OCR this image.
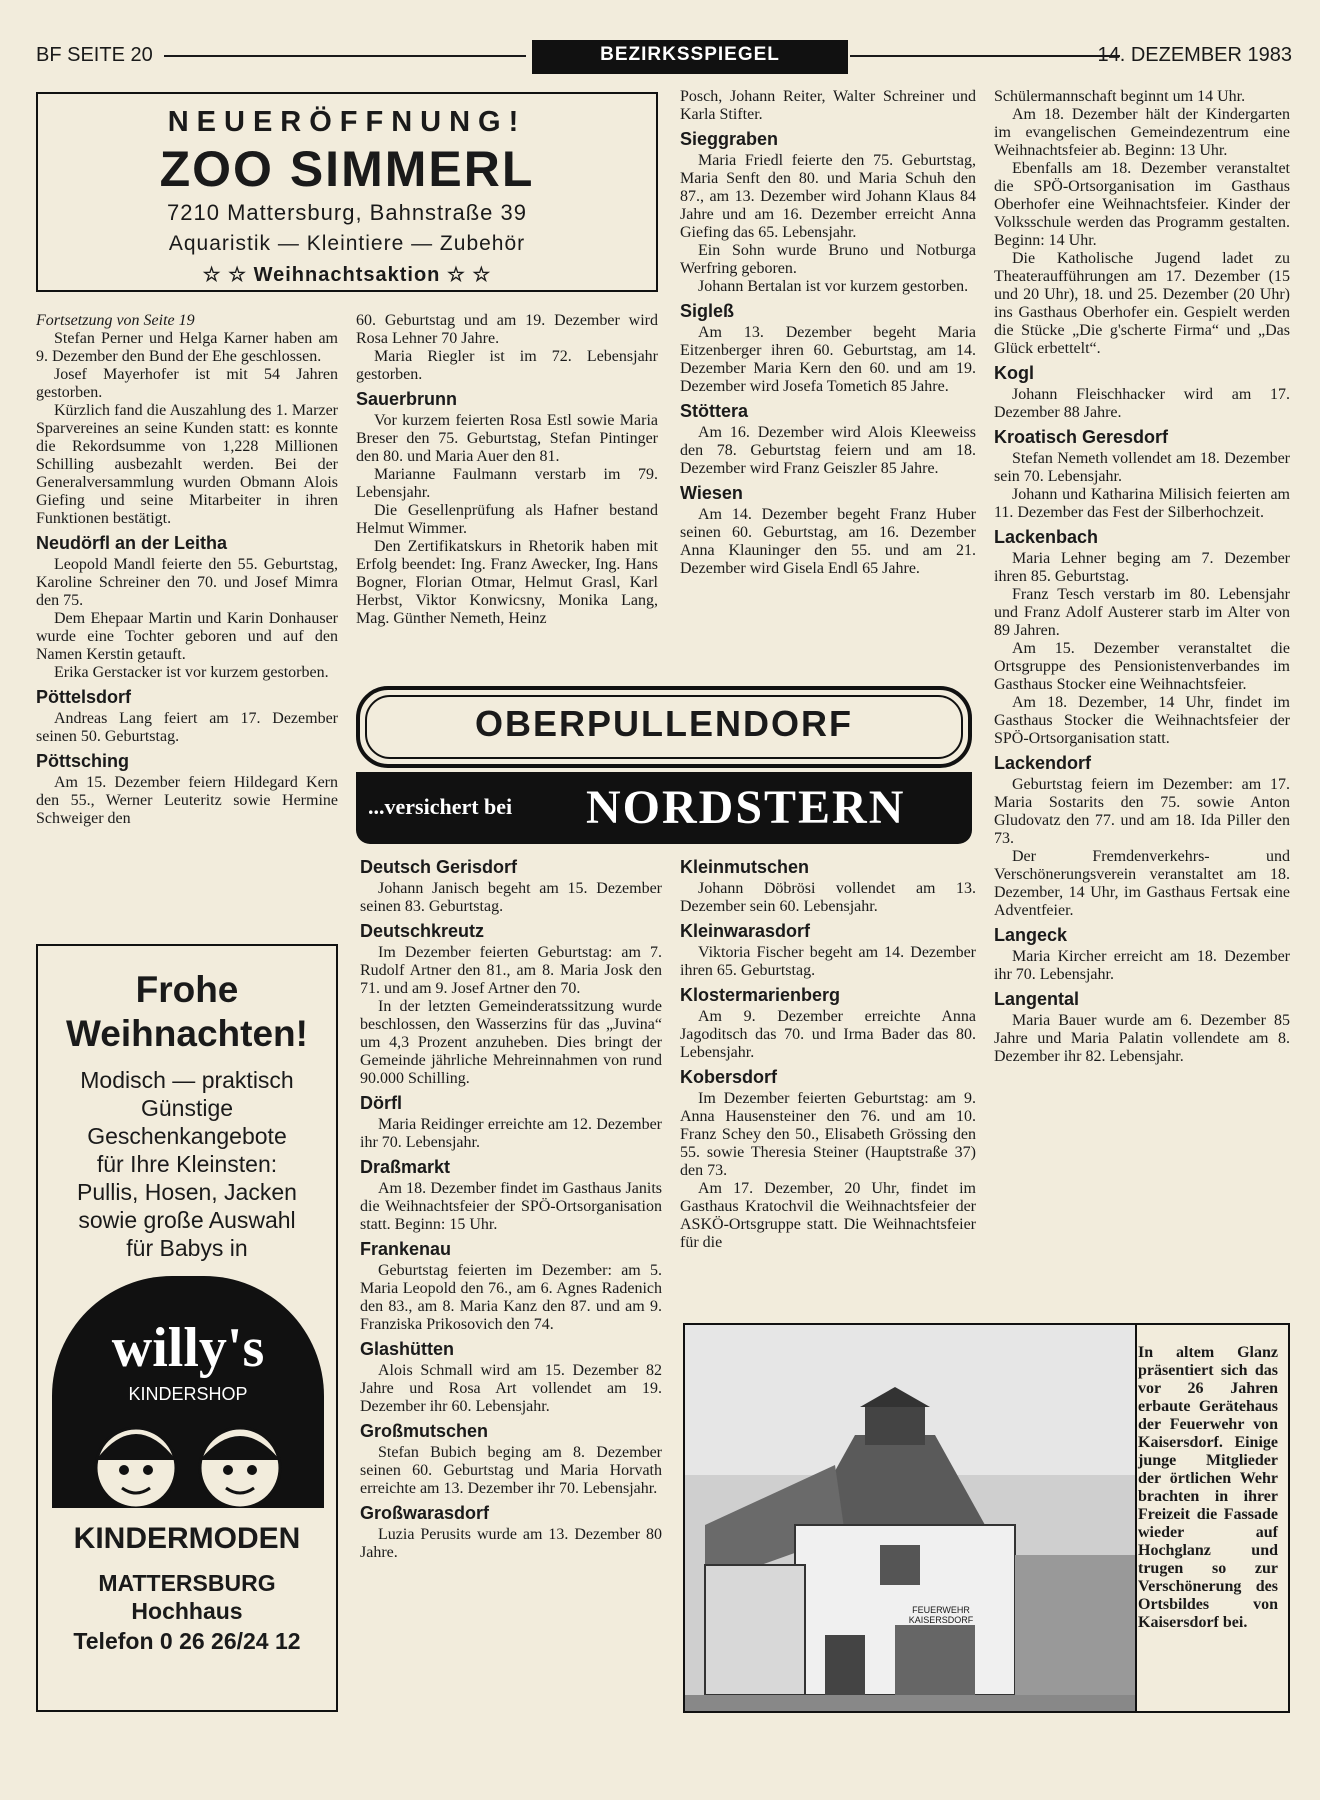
BF SEITE 20	BEZIRKSSPIEGEL	14. DEZEMBER 1983
NEUERÖFFNUNG!
ZOO SIMMERL
7210 Mattersburg, Bahnstraße 39
Aquaristik — Kleintiere — Zubehör
☆ ☆ Weihnachtsaktion ☆ ☆

Fortsetzung von Seite 19

Stefan Perner und Helga Karner haben am 9. Dezember den Bund der Ehe geschlossen.

Josef Mayerhofer ist mit 54 Jahren gestorben.

Kürzlich fand die Auszahlung des 1. Marzer Sparvereines an seine Kunden statt: es konnte die Rekordsumme von 1,228 Millionen Schilling ausbezahlt werden. Bei der Generalversammlung wurden Obmann Alois Giefing und seine Mitarbeiter in ihren Funktionen bestätigt.

Neudörfl an der Leitha

Leopold Mandl feierte den 55. Geburtstag, Karoline Schreiner den 70. und Josef Mimra den 75.

Dem Ehepaar Martin und Karin Donhauser wurde eine Tochter geboren und auf den Namen Kerstin getauft.

Erika Gerstacker ist vor kurzem gestorben.

Pöttelsdorf

Andreas Lang feiert am 17. Dezember seinen 50. Geburtstag.

Pöttsching

Am 15. Dezember feiern Hildegard Kern den 55., Werner Leuteritz sowie Hermine Schweiger den

60. Geburtstag und am 19. Dezember wird Rosa Lehner 70 Jahre.

Maria Riegler ist im 72. Lebensjahr gestorben.

Sauerbrunn

Vor kurzem feierten Rosa Estl sowie Maria Breser den 75. Geburtstag, Stefan Pintinger den 80. und Maria Auer den 81.

Marianne Faulmann verstarb im 79. Lebensjahr.

Die Gesellenprüfung als Hafner bestand Helmut Wimmer.

Den Zertifikatskurs in Rhetorik haben mit Erfolg beendet: Ing. Franz Awecker, Ing. Hans Bogner, Florian Otmar, Helmut Grasl, Karl Herbst, Viktor Konwicsny, Monika Lang, Mag. Günther Nemeth, Heinz

Posch, Johann Reiter, Walter Schreiner und Karla Stifter.

Sieggraben

Maria Friedl feierte den 75. Geburtstag, Maria Senft den 80. und Maria Schuh den 87., am 13. Dezember wird Johann Klaus 84 Jahre und am 16. Dezember erreicht Anna Giefing das 65. Lebensjahr.

Ein Sohn wurde Bruno und Notburga Werfring geboren.

Johann Bertalan ist vor kurzem gestorben.

Sigleß

Am 13. Dezember begeht Maria Eitzenberger ihren 60. Geburtstag, am 14. Dezember Maria Kern den 60. und am 19. Dezember wird Josefa Tometich 85 Jahre.

Stöttera

Am 16. Dezember wird Alois Kleeweiss den 78. Geburtstag feiern und am 18. Dezember wird Franz Geiszler 85 Jahre.

Wiesen

Am 14. Dezember begeht Franz Huber seinen 60. Geburtstag, am 16. Dezember Anna Klauninger den 55. und am 21. Dezember wird Gisela Endl 65 Jahre.

Schülermannschaft beginnt um 14 Uhr.

Am 18. Dezember hält der Kindergarten im evangelischen Gemeindezentrum eine Weihnachtsfeier ab. Beginn: 13 Uhr.

Ebenfalls am 18. Dezember veranstaltet die SPÖ-Ortsorganisation im Gasthaus Oberhofer eine Weihnachtsfeier. Kinder der Volksschule werden das Programm gestalten. Beginn: 14 Uhr.

Die Katholische Jugend ladet zu Theateraufführungen am 17. Dezember (15 und 20 Uhr), 18. und 25. Dezember (20 Uhr) ins Gasthaus Oberhofer ein. Gespielt werden die Stücke „Die g'scherte Firma“ und „Das Glück erbettelt“.

Kogl

Johann Fleischhacker wird am 17. Dezember 88 Jahre.

Kroatisch Geresdorf

Stefan Nemeth vollendet am 18. Dezember sein 70. Lebensjahr.

Johann und Katharina Milisich feierten am 11. Dezember das Fest der Silberhochzeit.

Lackenbach

Maria Lehner beging am 7. Dezember ihren 85. Geburtstag.

Franz Tesch verstarb im 80. Lebensjahr und Franz Adolf Austerer starb im Alter von 89 Jahren.

Am 15. Dezember veranstaltet die Ortsgruppe des Pensionistenverbandes im Gasthaus Stocker eine Weihnachtsfeier.

Am 18. Dezember, 14 Uhr, findet im Gasthaus Stocker die Weihnachtsfeier der SPÖ-Ortsorganisation statt.

Lackendorf

Geburtstag feiern im Dezember: am 17. Maria Sostarits den 75. sowie Anton Gludovatz den 77. und am 18. Ida Piller den 73.

Der Fremdenverkehrs- und Verschönerungsverein veranstaltet am 18. Dezember, 14 Uhr, im Gasthaus Fertsak eine Adventfeier.

Langeck

Maria Kircher erreicht am 18. Dezember ihr 70. Lebensjahr.

Langental

Maria Bauer wurde am 6. Dezember 85 Jahre und Maria Palatin vollendete am 8. Dezember ihr 82. Lebensjahr.

OBERPULLENDORF
...versichert bei NORDSTERN
Deutsch Gerisdorf

Johann Janisch begeht am 15. Dezember seinen 83. Geburtstag.

Deutschkreutz

Im Dezember feierten Geburtstag: am 7. Rudolf Artner den 81., am 8. Maria Josk den 71. und am 9. Josef Artner den 70.

In der letzten Gemeinderatssitzung wurde beschlossen, den Wasserzins für das „Juvina“ um 4,3 Prozent anzuheben. Dies bringt der Gemeinde jährliche Mehreinnahmen von rund 90.000 Schilling.

Dörfl

Maria Reidinger erreichte am 12. Dezember ihr 70. Lebensjahr.

Draßmarkt

Am 18. Dezember findet im Gasthaus Janits die Weihnachtsfeier der SPÖ-Ortsorganisation statt. Beginn: 15 Uhr.

Frankenau

Geburtstag feierten im Dezember: am 5. Maria Leopold den 76., am 6. Agnes Radenich den 83., am 8. Maria Kanz den 87. und am 9. Franziska Prikosovich den 74.

Glashütten

Alois Schmall wird am 15. Dezember 82 Jahre und Rosa Art vollendet am 19. Dezember ihr 60. Lebensjahr.

Großmutschen

Stefan Bubich beging am 8. Dezember seinen 60. Geburtstag und Maria Horvath erreichte am 13. Dezember ihr 70. Lebensjahr.

Großwarasdorf

Luzia Perusits wurde am 13. Dezember 80 Jahre.

Kleinmutschen

Johann Döbrösi vollendet am 13. Dezember sein 60. Lebensjahr.

Kleinwarasdorf

Viktoria Fischer begeht am 14. Dezember ihren 65. Geburtstag.

Klostermarienberg

Am 9. Dezember erreichte Anna Jagoditsch das 70. und Irma Bader das 80. Lebensjahr.

Kobersdorf

Im Dezember feierten Geburtstag: am 9. Anna Hausensteiner den 76. und am 10. Franz Schey den 50., Elisabeth Grössing den 55. sowie Theresia Steiner (Hauptstraße 37) den 73.

Am 17. Dezember, 20 Uhr, findet im Gasthaus Kratochvil die Weihnachtsfeier der ASKÖ-Ortsgruppe statt. Die Weihnachtsfeier für die

Frohe
Weihnachten!
Modisch — praktisch
Günstige
Geschenkangebote
für Ihre Kleinsten:
Pullis, Hosen, Jacken
sowie große Auswahl
für Babys in
willy's
KINDERSHOP
KINDERMODEN
MATTERSBURG
Hochhaus
Telefon 0 26 26/24 12
FEUERWEHR KAISERSDORF
In altem Glanz präsentiert sich das vor 26 Jahren erbaute Gerätehaus der Feuerwehr von Kaisersdorf. Einige junge Mitglieder der örtlichen Wehr brachten in ihrer Freizeit die Fassade wieder auf Hochglanz und trugen so zur Verschönerung des Ortsbildes von Kaisersdorf bei.
